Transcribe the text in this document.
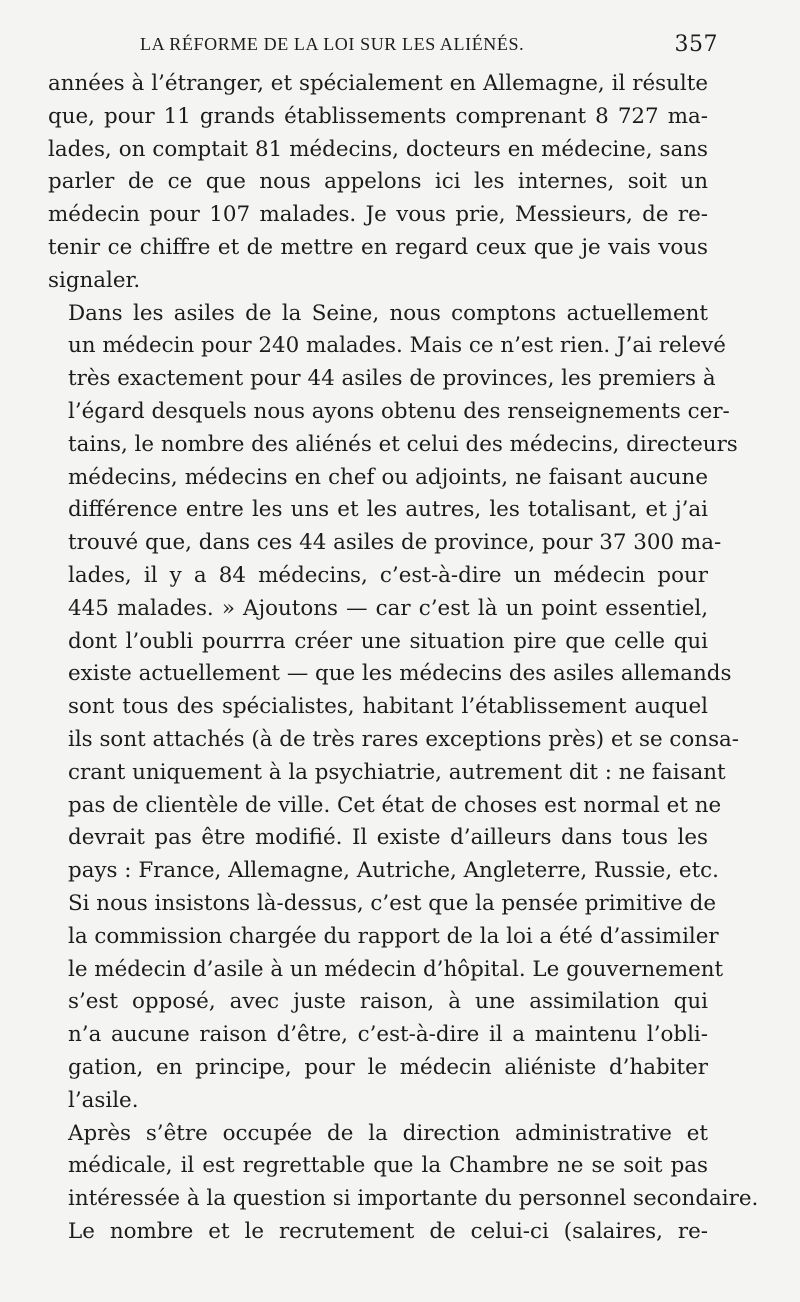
LA RÉFORME DE LA LOI SUR LES ALIÉNÉS.	357

années à l’étranger, et spécialement en Allemagne, il résulte
que, pour 11 grands établissements comprenant 8 727 ma-
lades, on comptait 81 médecins, docteurs en médecine, sans
parler de ce que nous appelons ici les internes, soit un
médecin pour 107 malades. Je vous prie, Messieurs, de re-
tenir ce chiffre et de mettre en regard ceux que je vais vous
signaler.

Dans les asiles de la Seine, nous comptons actuellement
un médecin pour 240 malades. Mais ce n’est rien. J’ai relevé
très exactement pour 44 asiles de provinces, les premiers à
l’égard desquels nous ayons obtenu des renseignements cer-
tains, le nombre des aliénés et celui des médecins, directeurs
médecins, médecins en chef ou adjoints, ne faisant aucune
différence entre les uns et les autres, les totalisant, et j’ai
trouvé que, dans ces 44 asiles de province, pour 37 300 ma-
lades, il y a 84 médecins, c’est-à-dire un médecin pour
445 malades. » Ajoutons — car c’est là un point essentiel,
dont l’oubli pourrra créer une situation pire que celle qui
existe actuellement — que les médecins des asiles allemands
sont tous des spécialistes, habitant l’établissement auquel
ils sont attachés (à de très rares exceptions près) et se consa-
crant uniquement à la psychiatrie, autrement dit : ne faisant
pas de clientèle de ville. Cet état de choses est normal et ne
devrait pas être modifié. Il existe d’ailleurs dans tous les
pays : France, Allemagne, Autriche, Angleterre, Russie, etc.
Si nous insistons là-dessus, c’est que la pensée primitive de
la commission chargée du rapport de la loi a été d’assimiler
le médecin d’asile à un médecin d’hôpital. Le gouvernement
s’est opposé, avec juste raison, à une assimilation qui
n’a aucune raison d’être, c’est-à-dire il a maintenu l’obli-
gation, en principe, pour le médecin aliéniste d’habiter
l’asile.

Après s’être occupée de la direction administrative et
médicale, il est regrettable que la Chambre ne se soit pas
intéressée à la question si importante du personnel secondaire.
Le nombre et le recrutement de celui-ci (salaires, re-
